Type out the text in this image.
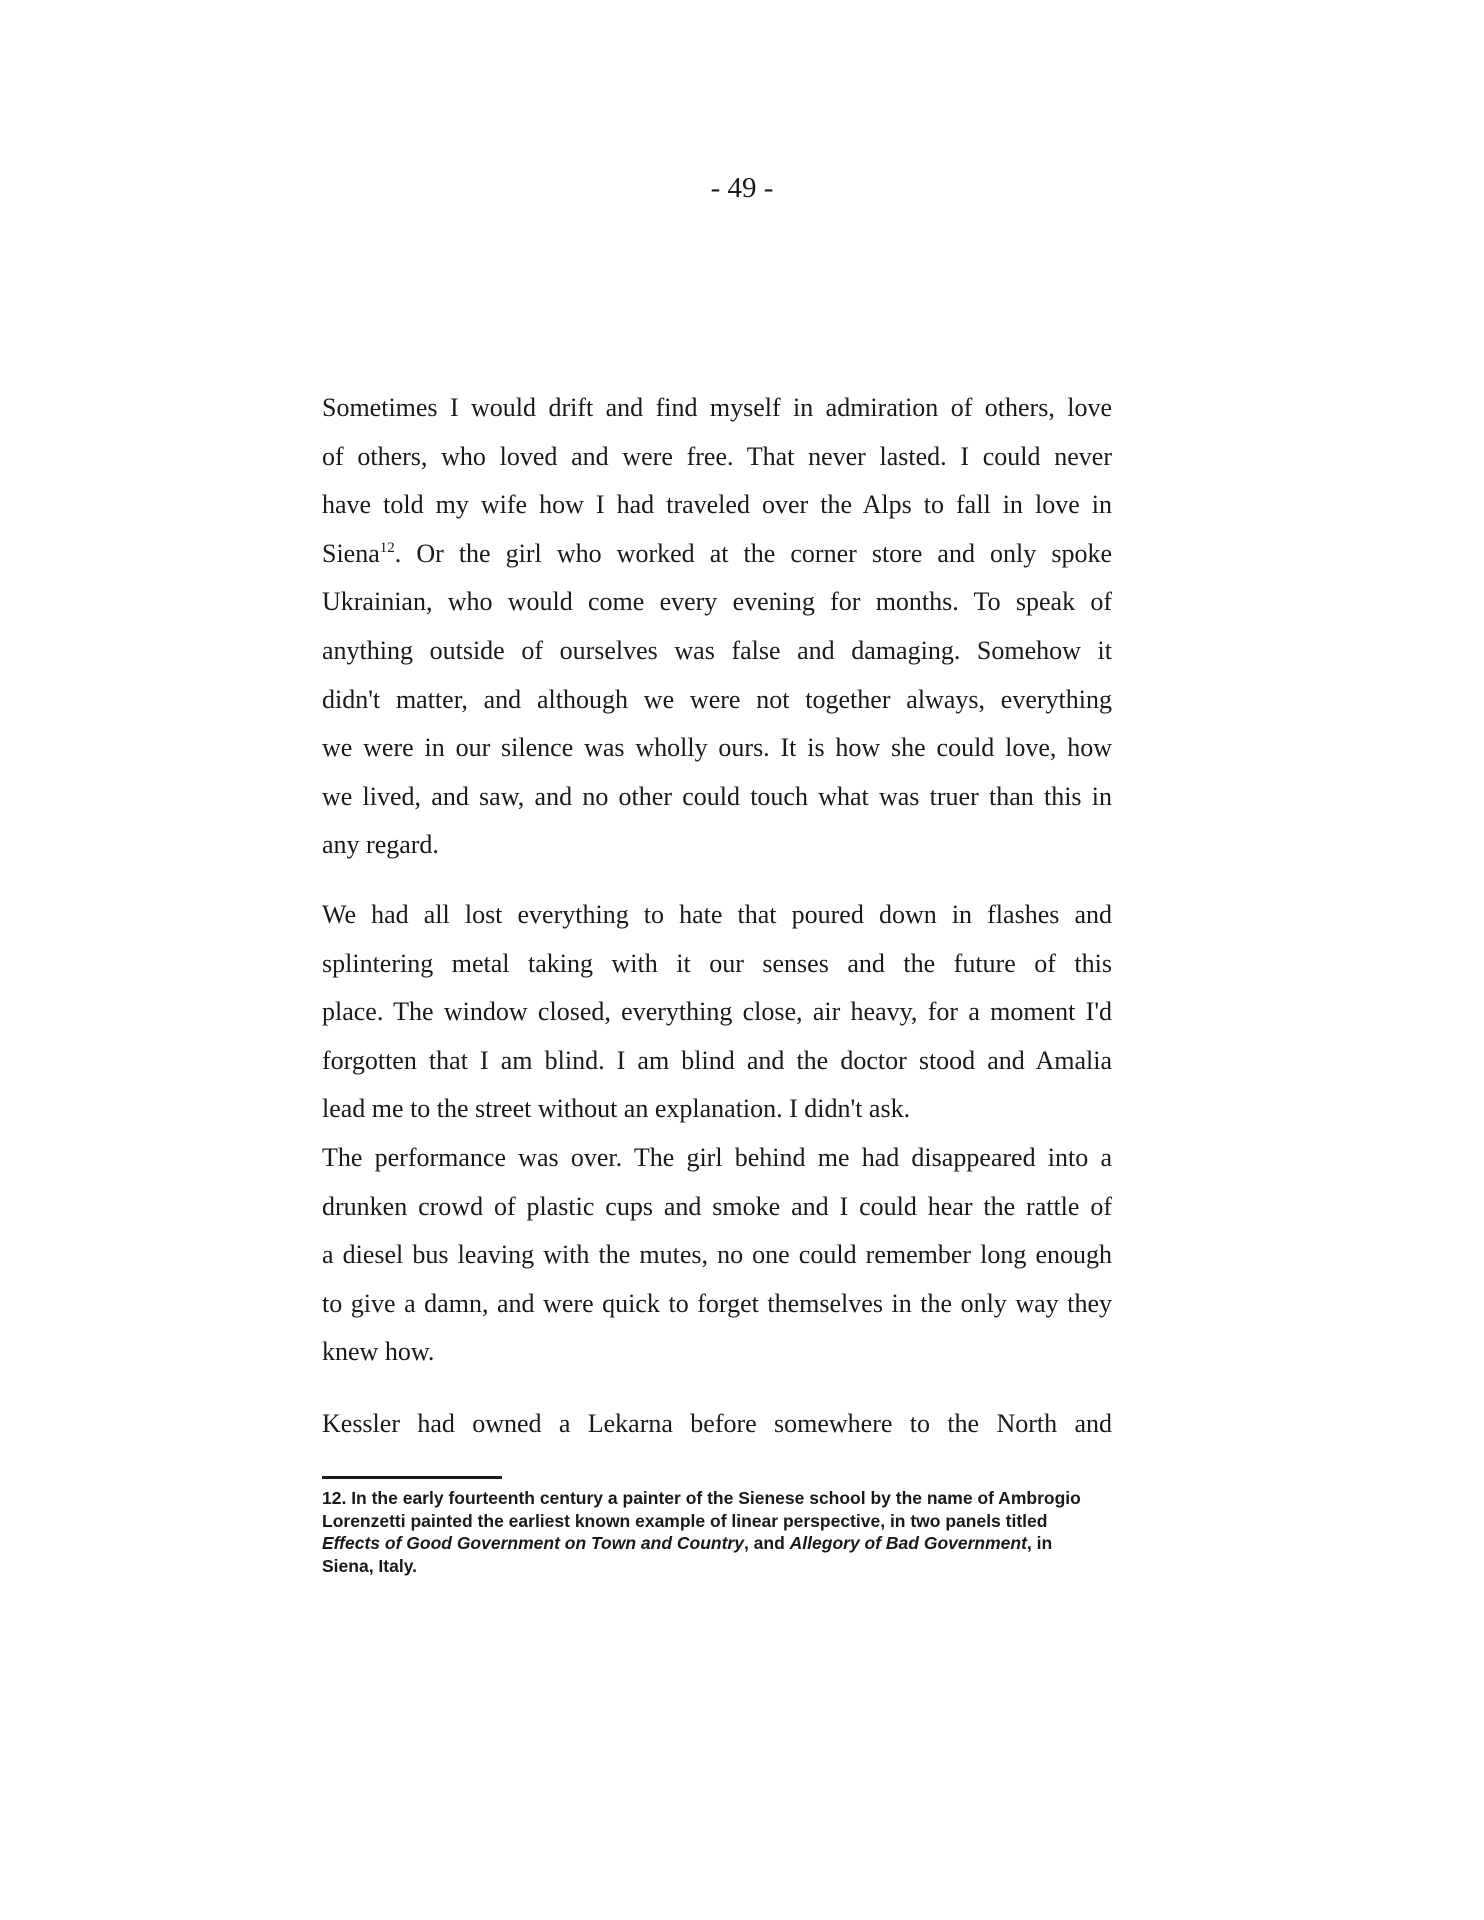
- 49 -
Sometimes I would drift and find myself in admiration of others, love
of others, who loved and were free. That never lasted. I could never
have told my wife how I had traveled over the Alps to fall in love in
Siena$^{12}$. Or the girl who worked at the corner store and only spoke
Ukrainian, who would come every evening for months. To speak of
anything outside of ourselves was false and damaging. Somehow it
didn't matter, and although we were not together always, everything
we were in our silence was wholly ours. It is how she could love, how
we lived, and saw, and no other could touch what was truer than this in
any regard.
We had all lost everything to hate that poured down in flashes and
splintering metal taking with it our senses and the future of this
place. The window closed, everything close, air heavy, for a moment I'd
forgotten that I am blind. I am blind and the doctor stood and Amalia
lead me to the street without an explanation. I didn't ask.
The performance was over. The girl behind me had disappeared into a
drunken crowd of plastic cups and smoke and I could hear the rattle of
a diesel bus leaving with the mutes, no one could remember long enough
to give a damn, and were quick to forget themselves in the only way they
knew how.
Kessler had owned a Lekarna before somewhere to the North and
12. In the early fourteenth century a painter of the Sienese school by the name of Ambrogio
Lorenzetti painted the earliest known example of linear perspective, in two panels titled
Effects of Good Government on Town and Country, and Allegory of Bad Government, in
Siena, Italy.
